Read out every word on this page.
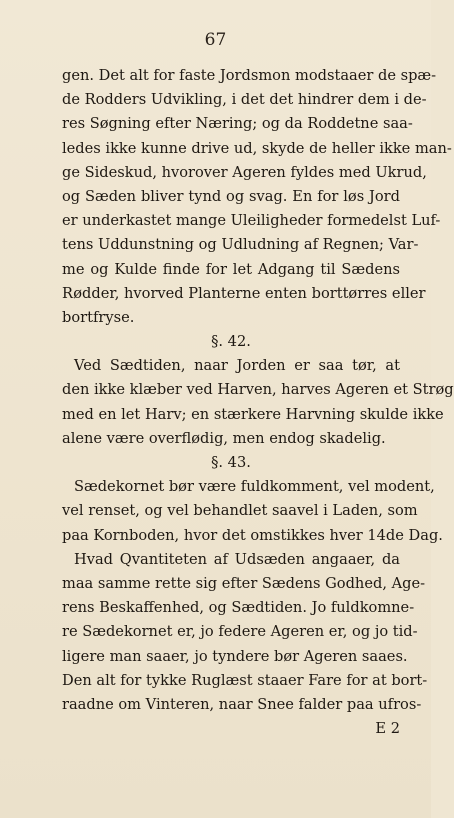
67
gen. Det alt for faste Jordsmon modstaaer de spæ-
de Rodders Udvikling, i det det hindrer dem i de-
res Søgning efter Næring; og da Roddetne saa-
ledes ikke kunne drive ud, skyde de heller ikke man-
ge Sideskud, hvorover Ageren fyldes med Ukrud,
og Sæden bliver tynd og svag. En for løs Jord
er underkastet mange Uleiligheder formedelst Luf-
tens Uddunstning og Udludning af Regnen; Var-
me og Kulde finde for let Adgang til Sædens
Rødder, hvorved Planterne enten borttørres eller
bortfryse.
§. 42.
Ved Sædtiden, naar Jorden er saa tør, at
den ikke klæber ved Harven, harves Ageren et Strøg
med en let Harv; en stærkere Harvning skulde ikke
alene være overflødig, men endog skadelig.
§. 43.
Sædekornet bør være fuldkomment, vel modent,
vel renset, og vel behandlet saavel i Laden, som
paa Kornboden, hvor det omstikkes hver 14de Dag.
Hvad Qvantiteten af Udsæden angaaer, da
maa samme rette sig efter Sædens Godhed, Age-
rens Beskaffenhed, og Sædtiden. Jo fuldkomne-
re Sædekornet er, jo federe Ageren er, og jo tid-
ligere man saaer, jo tyndere bør Ageren saaes.
Den alt for tykke Ruglæst staaer Fare for at bort-
raadne om Vinteren, naar Snee falder paa ufros-
E 2
